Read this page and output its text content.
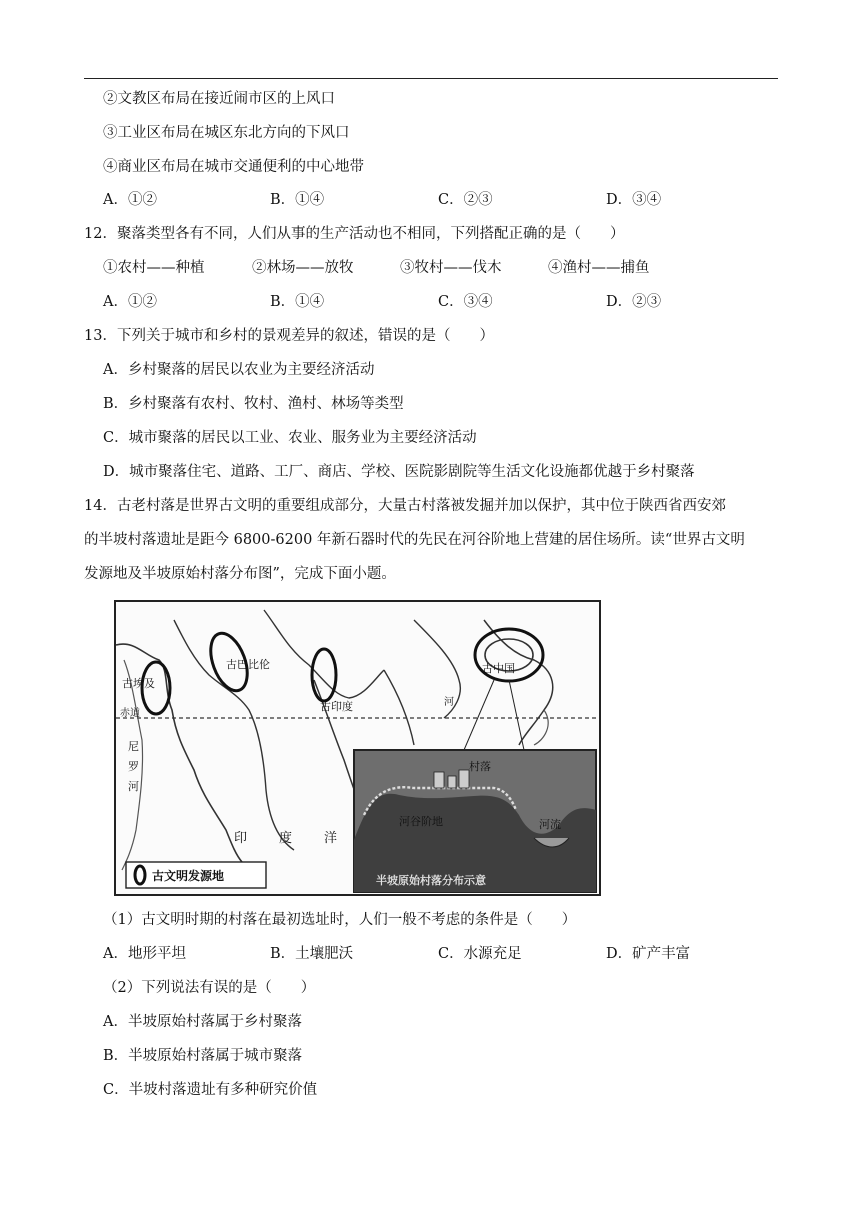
②文教区布局在接近闹市区的上风口
③工业区布局在城区东北方向的下风口
④商业区布局在城市交通便利的中心地带
A．①②	B．①④	C．②③	D．③④
12．聚落类型各有不同，人们从事的生产活动也不相同，下列搭配正确的是（　　）
①农村——种植	②林场——放牧	③牧村——伐木	④渔村——捕鱼
A．①②	B．①④	C．③④	D．②③
13．下列关于城市和乡村的景观差异的叙述，错误的是（　　）
A．乡村聚落的居民以农业为主要经济活动
B．乡村聚落有农村、牧村、渔村、林场等类型
C．城市聚落的居民以工业、农业、服务业为主要经济活动
D．城市聚落住宅、道路、工厂、商店、学校、医院影剧院等生活文化设施都优越于乡村聚落
14．古老村落是世界古文明的重要组成部分，大量古村落被发掘并加以保护，其中位于陕西省西安郊
的半坡村落遗址是距今 6800-6200 年新石器时代的先民在河谷阶地上营建的居住场所。读“世界古文明
发源地及半坡原始村落分布图”，完成下面小题。
古埃及
古巴比伦
古印度
古中国
赤道
尼
罗
河
河
印 度 洋
古文明发源地
村落
河谷阶地	河流
半坡原始村落分布示意
（1）古文明时期的村落在最初选址时，人们一般不考虑的条件是（　　）
A．地形平坦	B．土壤肥沃	C．水源充足	D．矿产丰富
（2）下列说法有误的是（　　）
A．半坡原始村落属于乡村聚落
B．半坡原始村落属于城市聚落
C．半坡村落遗址有多种研究价值
